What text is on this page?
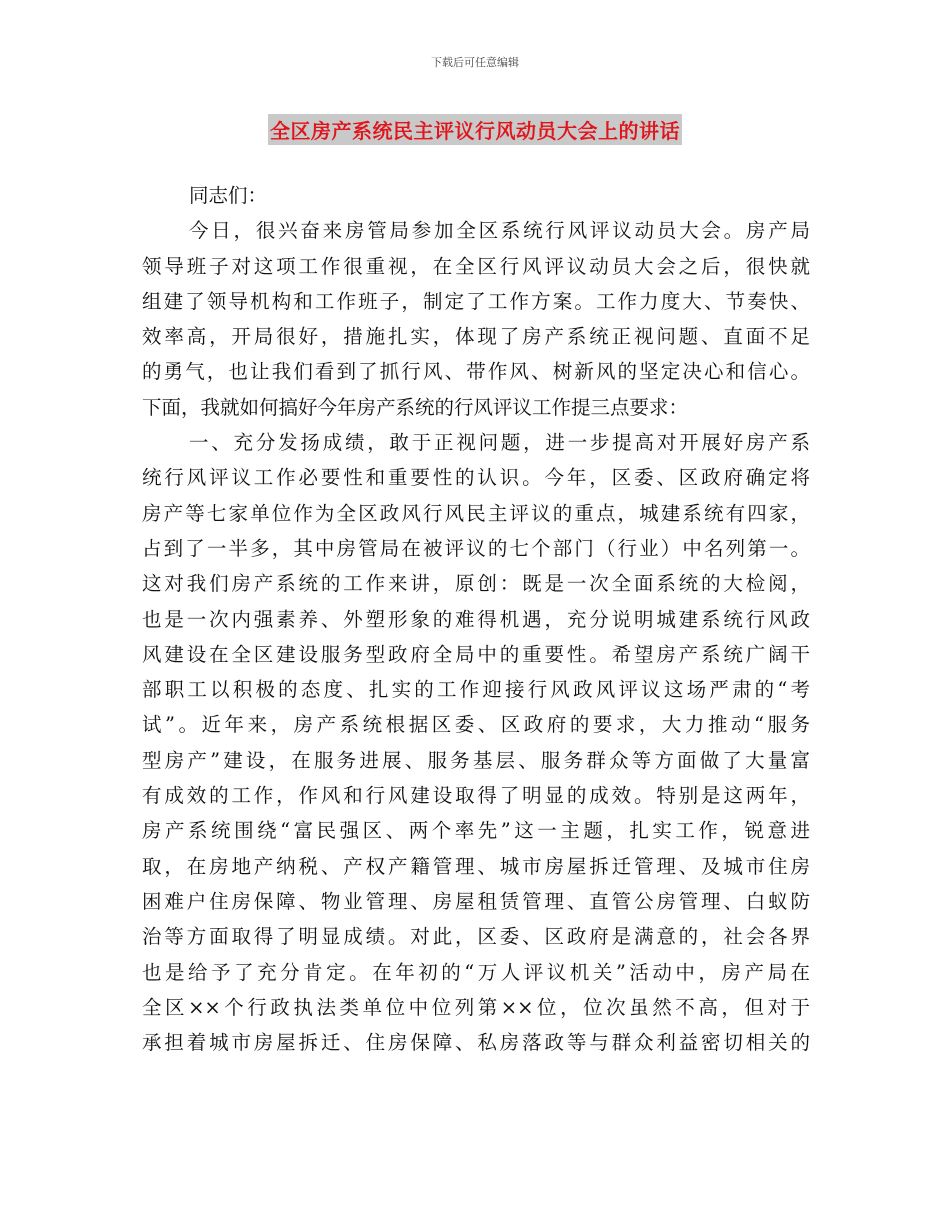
下载后可任意编辑
全区房产系统民主评议行风动员大会上的讲话
同志们：
今日，很兴奋来房管局参加全区系统行风评议动员大会。房产局
领导班子对这项工作很重视，在全区行风评议动员大会之后，很快就
组建了领导机构和工作班子，制定了工作方案。工作力度大、节奏快、
效率高，开局很好，措施扎实，体现了房产系统正视问题、直面不足
的勇气，也让我们看到了抓行风、带作风、树新风的坚定决心和信心。
下面，我就如何搞好今年房产系统的行风评议工作提三点要求：
一、充分发扬成绩，敢于正视问题，进一步提高对开展好房产系
统行风评议工作必要性和重要性的认识。今年，区委、区政府确定将
房产等七家单位作为全区政风行风民主评议的重点，城建系统有四家，
占到了一半多，其中房管局在被评议的七个部门（行业）中名列第一。
这对我们房产系统的工作来讲，原创：既是一次全面系统的大检阅，
也是一次内强素养、外塑形象的难得机遇，充分说明城建系统行风政
风建设在全区建设服务型政府全局中的重要性。希望房产系统广阔干
部职工以积极的态度、扎实的工作迎接行风政风评议这场严肃的“考
试”。近年来，房产系统根据区委、区政府的要求，大力推动“服务
型房产”建设，在服务进展、服务基层、服务群众等方面做了大量富
有成效的工作，作风和行风建设取得了明显的成效。特别是这两年，
房产系统围绕“富民强区、两个率先”这一主题，扎实工作，锐意进
取，在房地产纳税、产权产籍管理、城市房屋拆迁管理、及城市住房
困难户住房保障、物业管理、房屋租赁管理、直管公房管理、白蚁防
治等方面取得了明显成绩。对此，区委、区政府是满意的，社会各界
也是给予了充分肯定。在年初的“万人评议机关”活动中，房产局在
全区××个行政执法类单位中位列第××位，位次虽然不高，但对于
承担着城市房屋拆迁、住房保障、私房落政等与群众利益密切相关的
